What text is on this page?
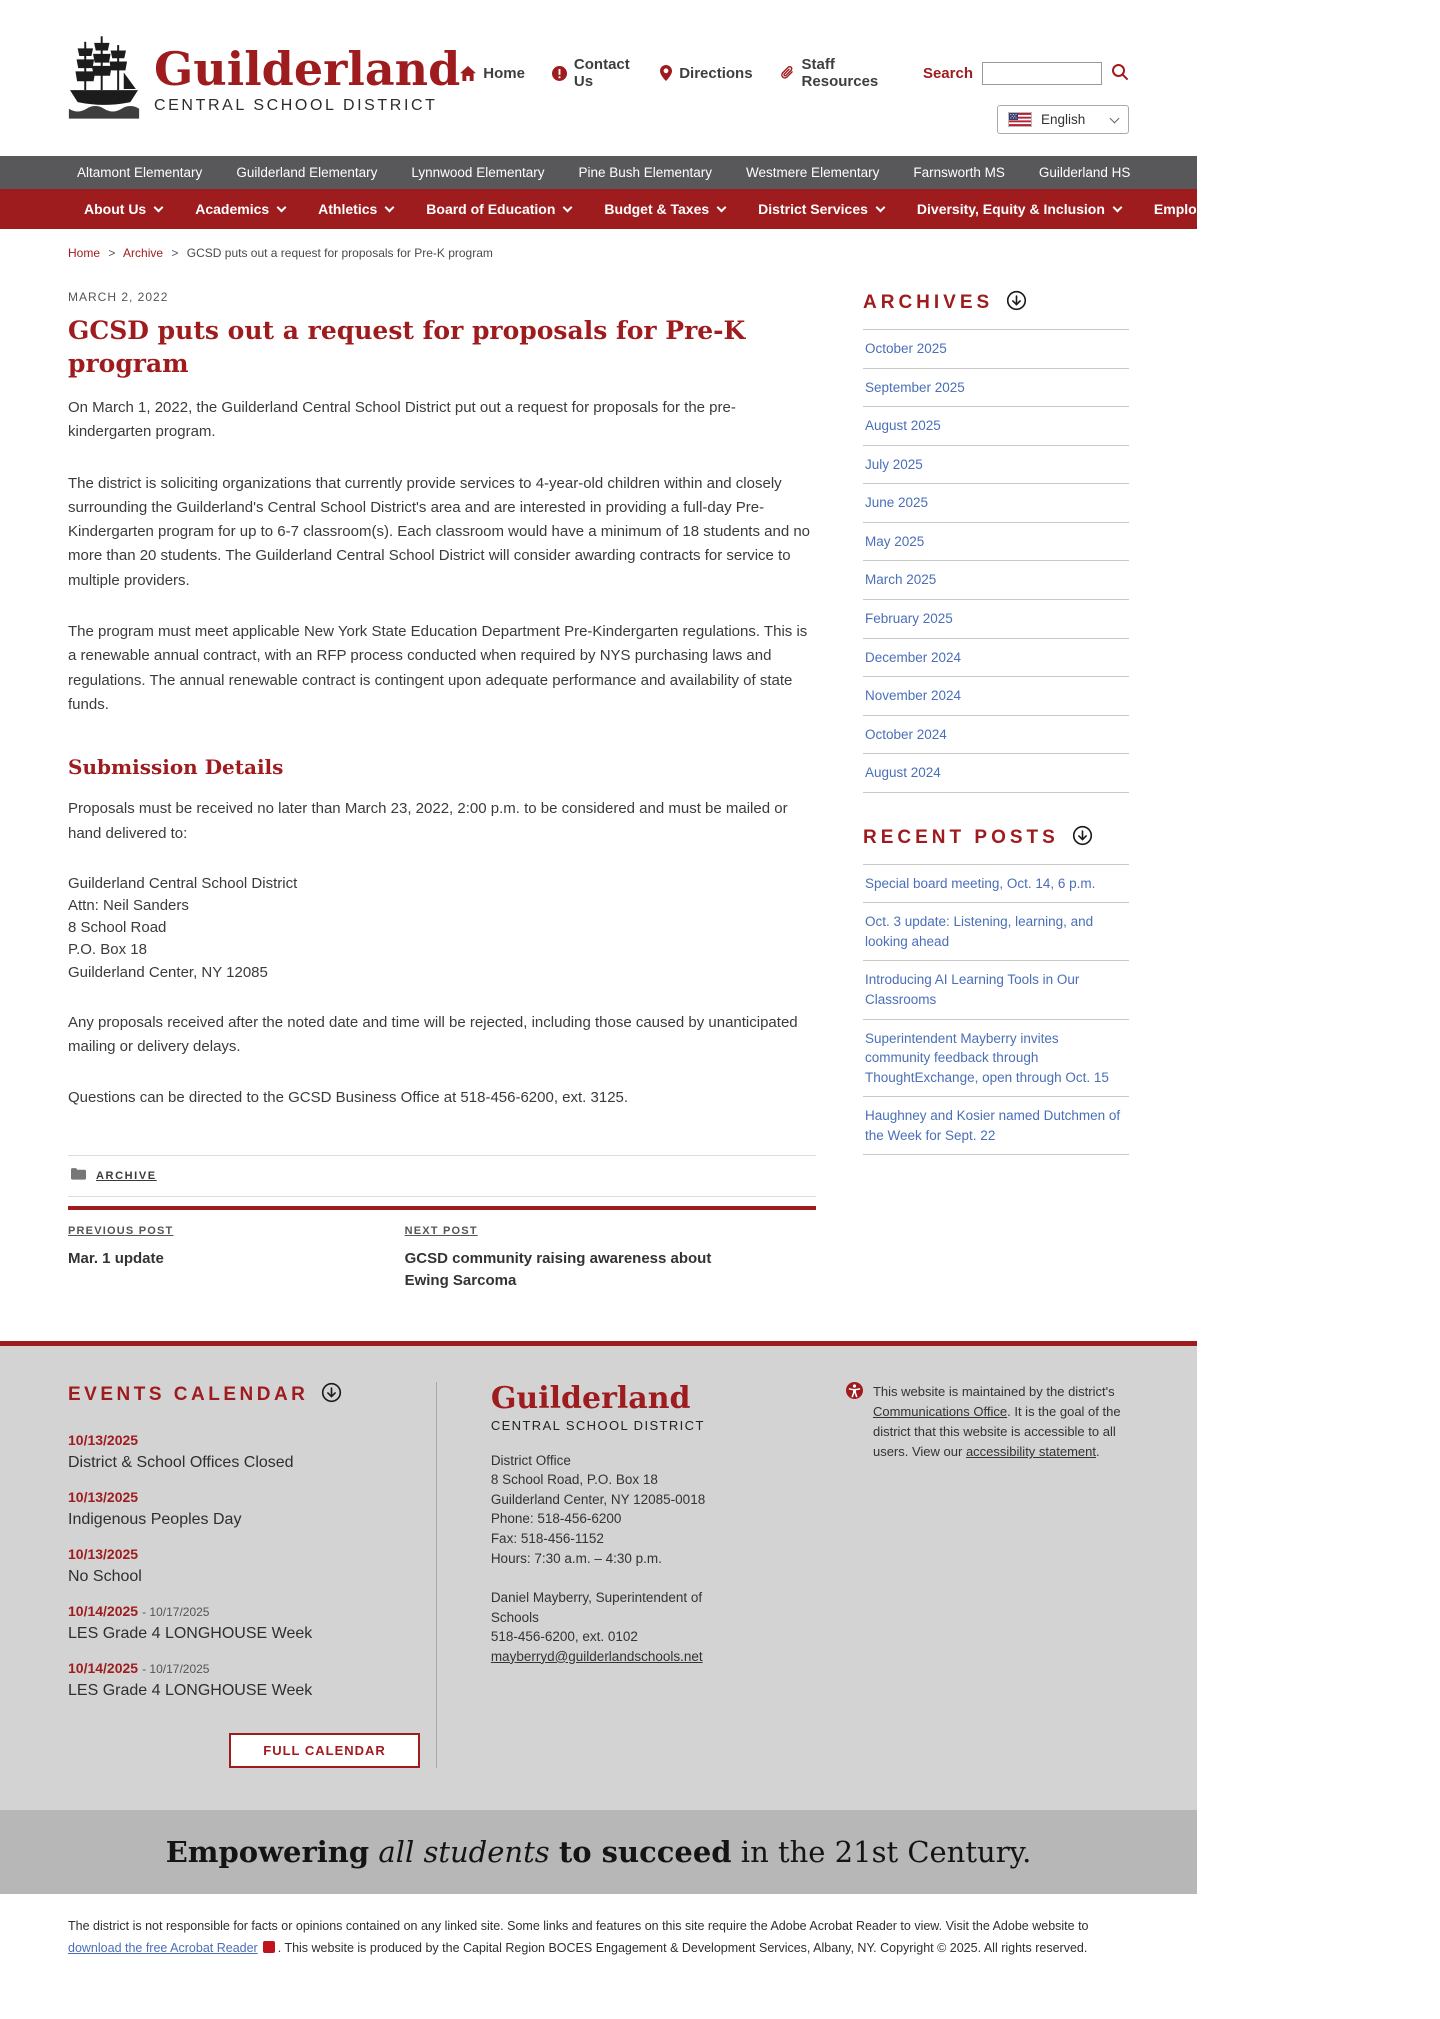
Guilderland
CENTRAL SCHOOL DISTRICT
Home	Contact Us	Directions	Staff Resources	Search
English
Altamont Elementary	Guilderland Elementary	Lynnwood Elementary	Pine Bush Elementary	Westmere Elementary	Farnsworth MS	Guilderland HS
About Us	Academics	Athletics	Board of Education	Budget & Taxes	District Services	Diversity, Equity & Inclusion	Employment News
Home > Archive > GCSD puts out a request for proposals for Pre-K program
MARCH 2, 2022
GCSD puts out a request for proposals for Pre-K program

On March 1, 2022, the Guilderland Central School District put out a request for proposals for the pre-kindergarten program.

The district is soliciting organizations that currently provide services to 4-year-old children within and closely surrounding the Guilderland's Central School District's area and are interested in providing a full-day Pre-Kindergarten program for up to 6-7 classroom(s). Each classroom would have a minimum of 18 students and no more than 20 students. The Guilderland Central School District will consider awarding contracts for service to multiple providers.

The program must meet applicable New York State Education Department Pre-Kindergarten regulations. This is a renewable annual contract, with an RFP process conducted when required by NYS purchasing laws and regulations. The annual renewable contract is contingent upon adequate performance and availability of state funds.

Submission Details

Proposals must be received no later than March 23, 2022, 2:00 p.m. to be considered and must be mailed or hand delivered to:

Guilderland Central School District
Attn: Neil Sanders
8 School Road
P.O. Box 18
Guilderland Center, NY 12085

Any proposals received after the noted date and time will be rejected, including those caused by unanticipated mailing or delivery delays.

Questions can be directed to the GCSD Business Office at 518-456-6200, ext. 3125.

ARCHIVE
PREVIOUS POST
Mar. 1 update
NEXT POST
GCSD community raising awareness about Ewing Sarcoma
ARCHIVES
October 2025
September 2025
August 2025
July 2025
June 2025
May 2025
March 2025
February 2025
December 2024
November 2024
October 2024
August 2024
RECENT POSTS
Special board meeting, Oct. 14, 6 p.m.
Oct. 3 update: Listening, learning, and looking ahead
Introducing AI Learning Tools in Our Classrooms
Superintendent Mayberry invites community feedback through ThoughtExchange, open through Oct. 15
Haughney and Kosier named Dutchmen of the Week for Sept. 22
EVENTS CALENDAR
10/13/2025
District & School Offices Closed
10/13/2025
Indigenous Peoples Day
10/13/2025
No School
10/14/2025 - 10/17/2025
LES Grade 4 LONGHOUSE Week
10/14/2025 - 10/17/2025
LES Grade 4 LONGHOUSE Week
FULL CALENDAR
Guilderland
CENTRAL SCHOOL DISTRICT
District Office
8 School Road, P.O. Box 18
Guilderland Center, NY 12085-0018
Phone: 518-456-6200
Fax: 518-456-1152
Hours: 7:30 a.m. – 4:30 p.m.
Daniel Mayberry, Superintendent of Schools
518-456-6200, ext. 0102
mayberryd@guilderlandschools.net

This website is maintained by the district's Communications Office. It is the goal of the district that this website is accessible to all users. View our accessibility statement.

Empowering all students to succeed in the 21st Century.

The district is not responsible for facts or opinions contained on any linked site. Some links and features on this site require the Adobe Acrobat Reader to view. Visit the Adobe website to download the free Acrobat Reader . This website is produced by the Capital Region BOCES Engagement & Development Services, Albany, NY. Copyright © 2025. All rights reserved.
